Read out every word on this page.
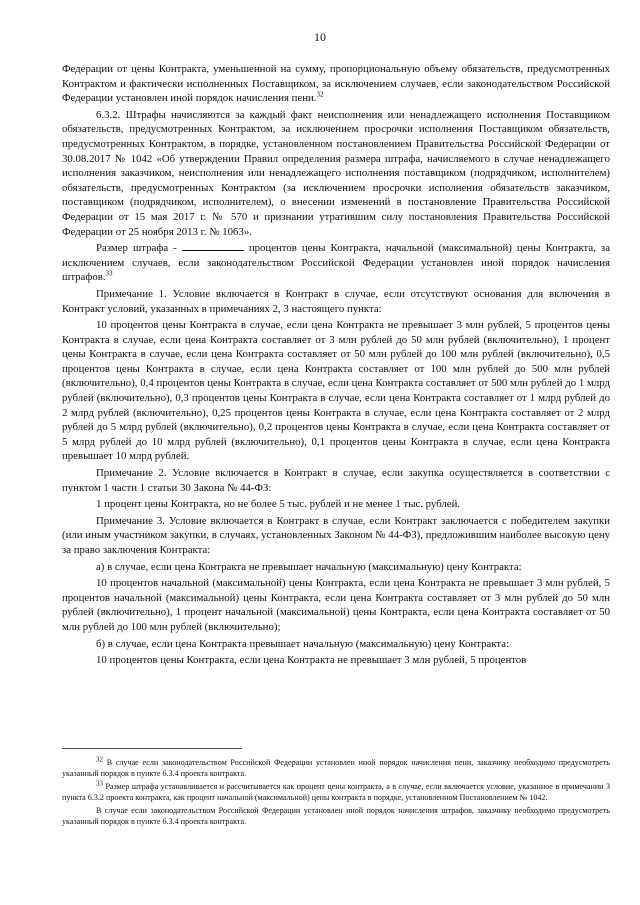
10

Федерации от цены Контракта, уменьшенной на сумму, пропорциональную объему обязательств, предусмотренных Контрактом и фактически исполненных Поставщиком, за исключением случаев, если законодательством Российской Федерации установлен иной порядок начисления пени.$^{32}$

6.3.2. Штрафы начисляются за каждый факт неисполнения или ненадлежащего исполнения Поставщиком обязательств, предусмотренных Контрактом, за исключением просрочки исполнения Поставщиком обязательств, предусмотренных Контрактом, в порядке, установленном постановлением Правительства Российской Федерации от 30.08.2017 № 1042 «Об утверждении Правил определения размера штрафа, начисляемого в случае ненадлежащего исполнения заказчиком, неисполнения или ненадлежащего исполнения поставщиком (подрядчиком, исполнителем) обязательств, предусмотренных Контрактом (за исключением просрочки исполнения обязательств заказчиком, поставщиком (подрядчиком, исполнителем), о внесении изменений в постановление Правительства Российской Федерации от 15 мая 2017 г. № 570 и признании утратившим силу постановления Правительства Российской Федерации от 25 ноября 2013 г. № 1063».

Размер штрафа -	процентов цены Контракта, начальной (максимальной) цены Контракта, за исключением случаев, если законодательством Российской Федерации установлен иной порядок начисления штрафов.$^{33}$

Примечание 1. Условие включается в Контракт в случае, если отсутствуют основания для включения в Контракт условий, указанных в примечаниях 2, 3 настоящего пункта:

10 процентов цены Контракта в случае, если цена Контракта не превышает 3 млн рублей, 5 процентов цены Контракта в случае, если цена Контракта составляет от 3 млн рублей до 50 млн рублей (включительно), 1 процент цены Контракта в случае, если цена Контракта составляет от 50 млн рублей до 100 млн рублей (включительно), 0,5 процентов цены Контракта в случае, если цена Контракта составляет от 100 млн рублей до 500 млн рублей (включительно), 0,4 процентов цены Контракта в случае, если цена Контракта составляет от 500 млн рублей до 1 млрд рублей (включительно), 0,3 процентов цены Контракта в случае, если цена Контракта составляет от 1 млрд рублей до 2 млрд рублей (включительно), 0,25 процентов цены Контракта в случае, если цена Контракта составляет от 2 млрд рублей до 5 млрд рублей (включительно), 0,2 процентов цены Контракта в случае, если цена Контракта составляет от 5 млрд рублей до 10 млрд рублей (включительно), 0,1 процентов цены Контракта в случае, если цена Контракта превышает 10 млрд рублей.

Примечание 2. Условие включается в Контракт в случае, если закупка осуществляется в соответствии с пунктом 1 части 1 статьи 30 Закона № 44-ФЗ:

1 процент цены Контракта, но не более 5 тыс. рублей и не менее 1 тыс. рублей.

Примечание 3. Условие включается в Контракт в случае, если Контракт заключается с победителем закупки (или иным участником закупки, в случаях, установленных Законом № 44-ФЗ), предложившим наиболее высокую цену за право заключения Контракта:

а) в случае, если цена Контракта не превышает начальную (максимальную) цену Контракта:

10 процентов начальной (максимальной) цены Контракта, если цена Контракта не превышает 3 млн рублей, 5 процентов начальной (максимальной) цены Контракта, если цена Контракта составляет от 3 млн рублей до 50 млн рублей (включительно), 1 процент начальной (максимальной) цены Контракта, если цена Контракта составляет от 50 млн рублей до 100 млн рублей (включительно);

б) в случае, если цена Контракта превышает начальную (максимальную) цену Контракта:

10 процентов цены Контракта, если цена Контракта не превышает 3 млн рублей, 5 процентов

$^{32}$ В случае если законодательством Российской Федерации установлен иной порядок начисления пени, заказчику необходимо предусмотреть указанный порядок в пункте 6.3.4 проекта контракта.

$^{33}$ Размер штрафа устанавливается и рассчитывается как процент цены контракта, а в случае, если включается условие, указанное в примечании 3 пункта 6.3.2 проекта контракта, как процент начальной (максимальной) цены контракта в порядке, установленном Постановлением № 1042.

В случае если законодательством Российской Федерации установлен иной порядок начисления штрафов, заказчику необходимо предусмотреть указанный порядок в пункте 6.3.4 проекта контракта.
